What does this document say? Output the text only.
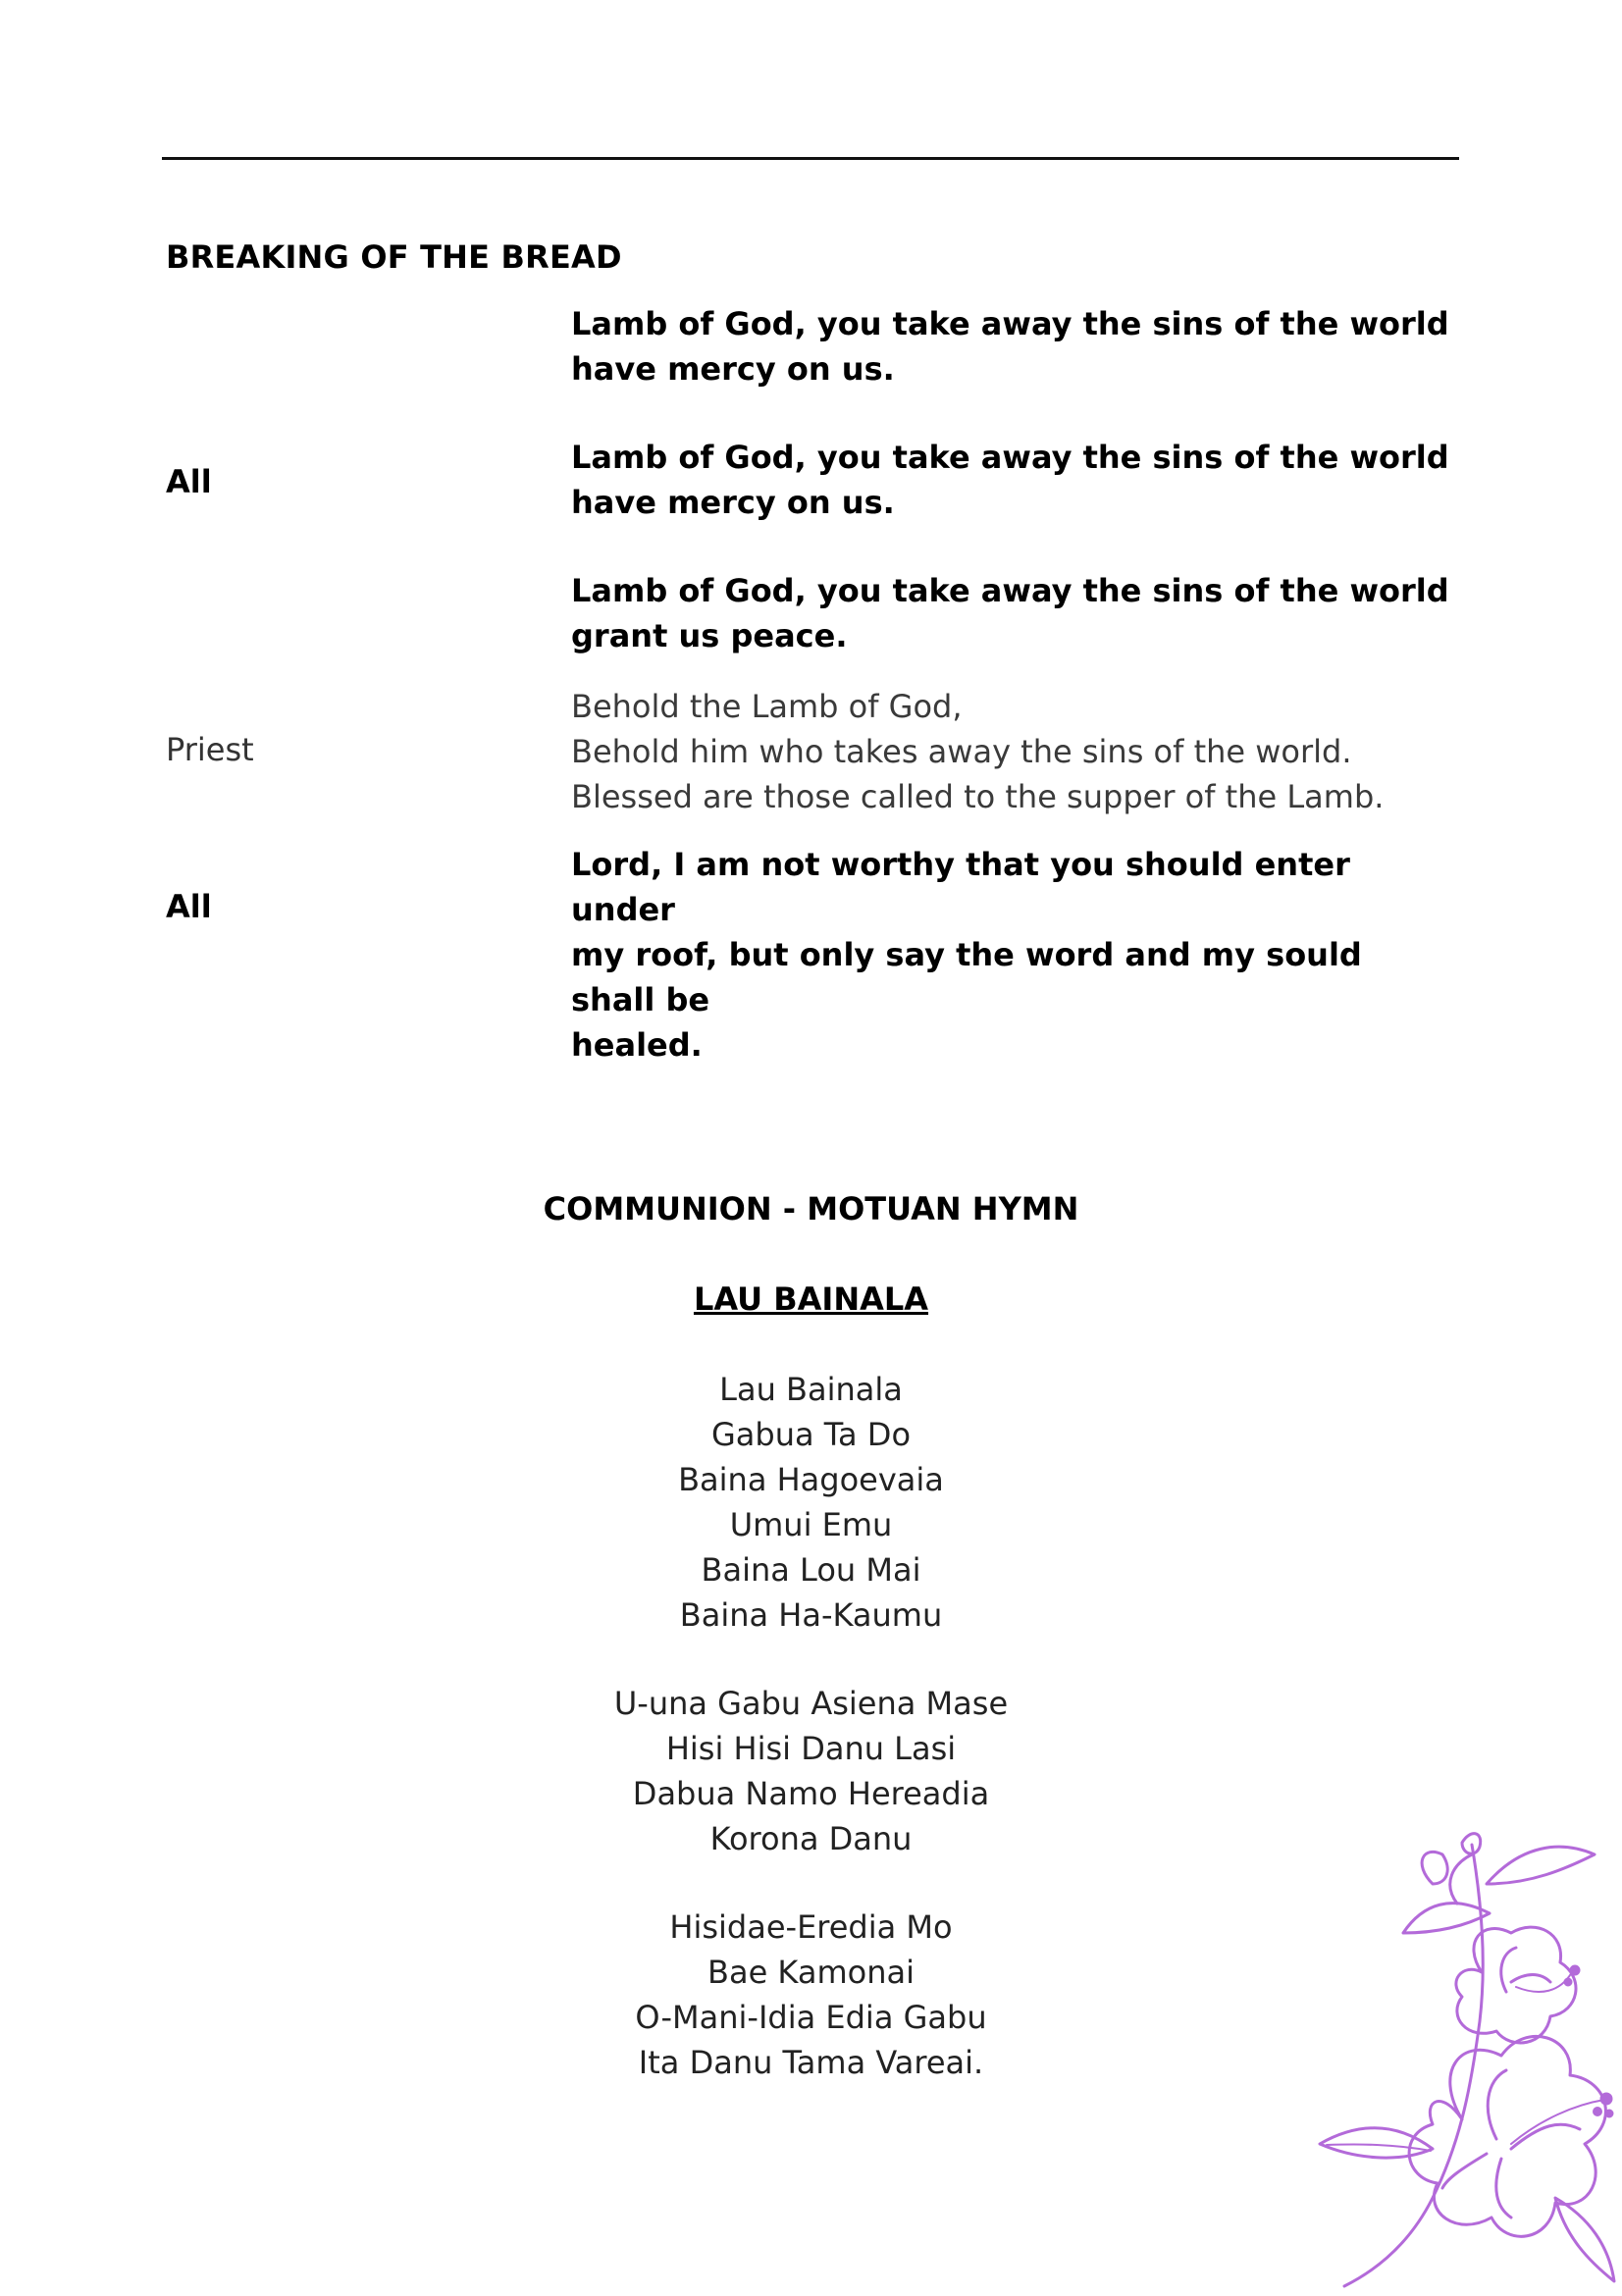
BREAKING OF THE BREAD
Lamb of God, you take away the sins of the world
have mercy on us.
All
Lamb of God, you take away the sins of the world
have mercy on us.
Lamb of God, you take away the sins of the world
grant us peace.
Priest
Behold the Lamb of God,
Behold him who takes away the sins of the world.
Blessed are those called to the supper of the Lamb.
All
Lord, I am not worthy that you should enter under
my roof, but only say the word and my sould shall be
healed.
COMMUNION - MOTUAN HYMN
LAU BAINALA
Lau Bainala
Gabua Ta Do
Baina Hagoevaia
Umui Emu
Baina Lou Mai
Baina Ha-Kaumu
U-una Gabu Asiena Mase
Hisi Hisi Danu Lasi
Dabua Namo Hereadia
Korona Danu
Hisidae-Eredia Mo
Bae Kamonai
O-Mani-Idia Edia Gabu
Ita Danu Tama Vareai.
